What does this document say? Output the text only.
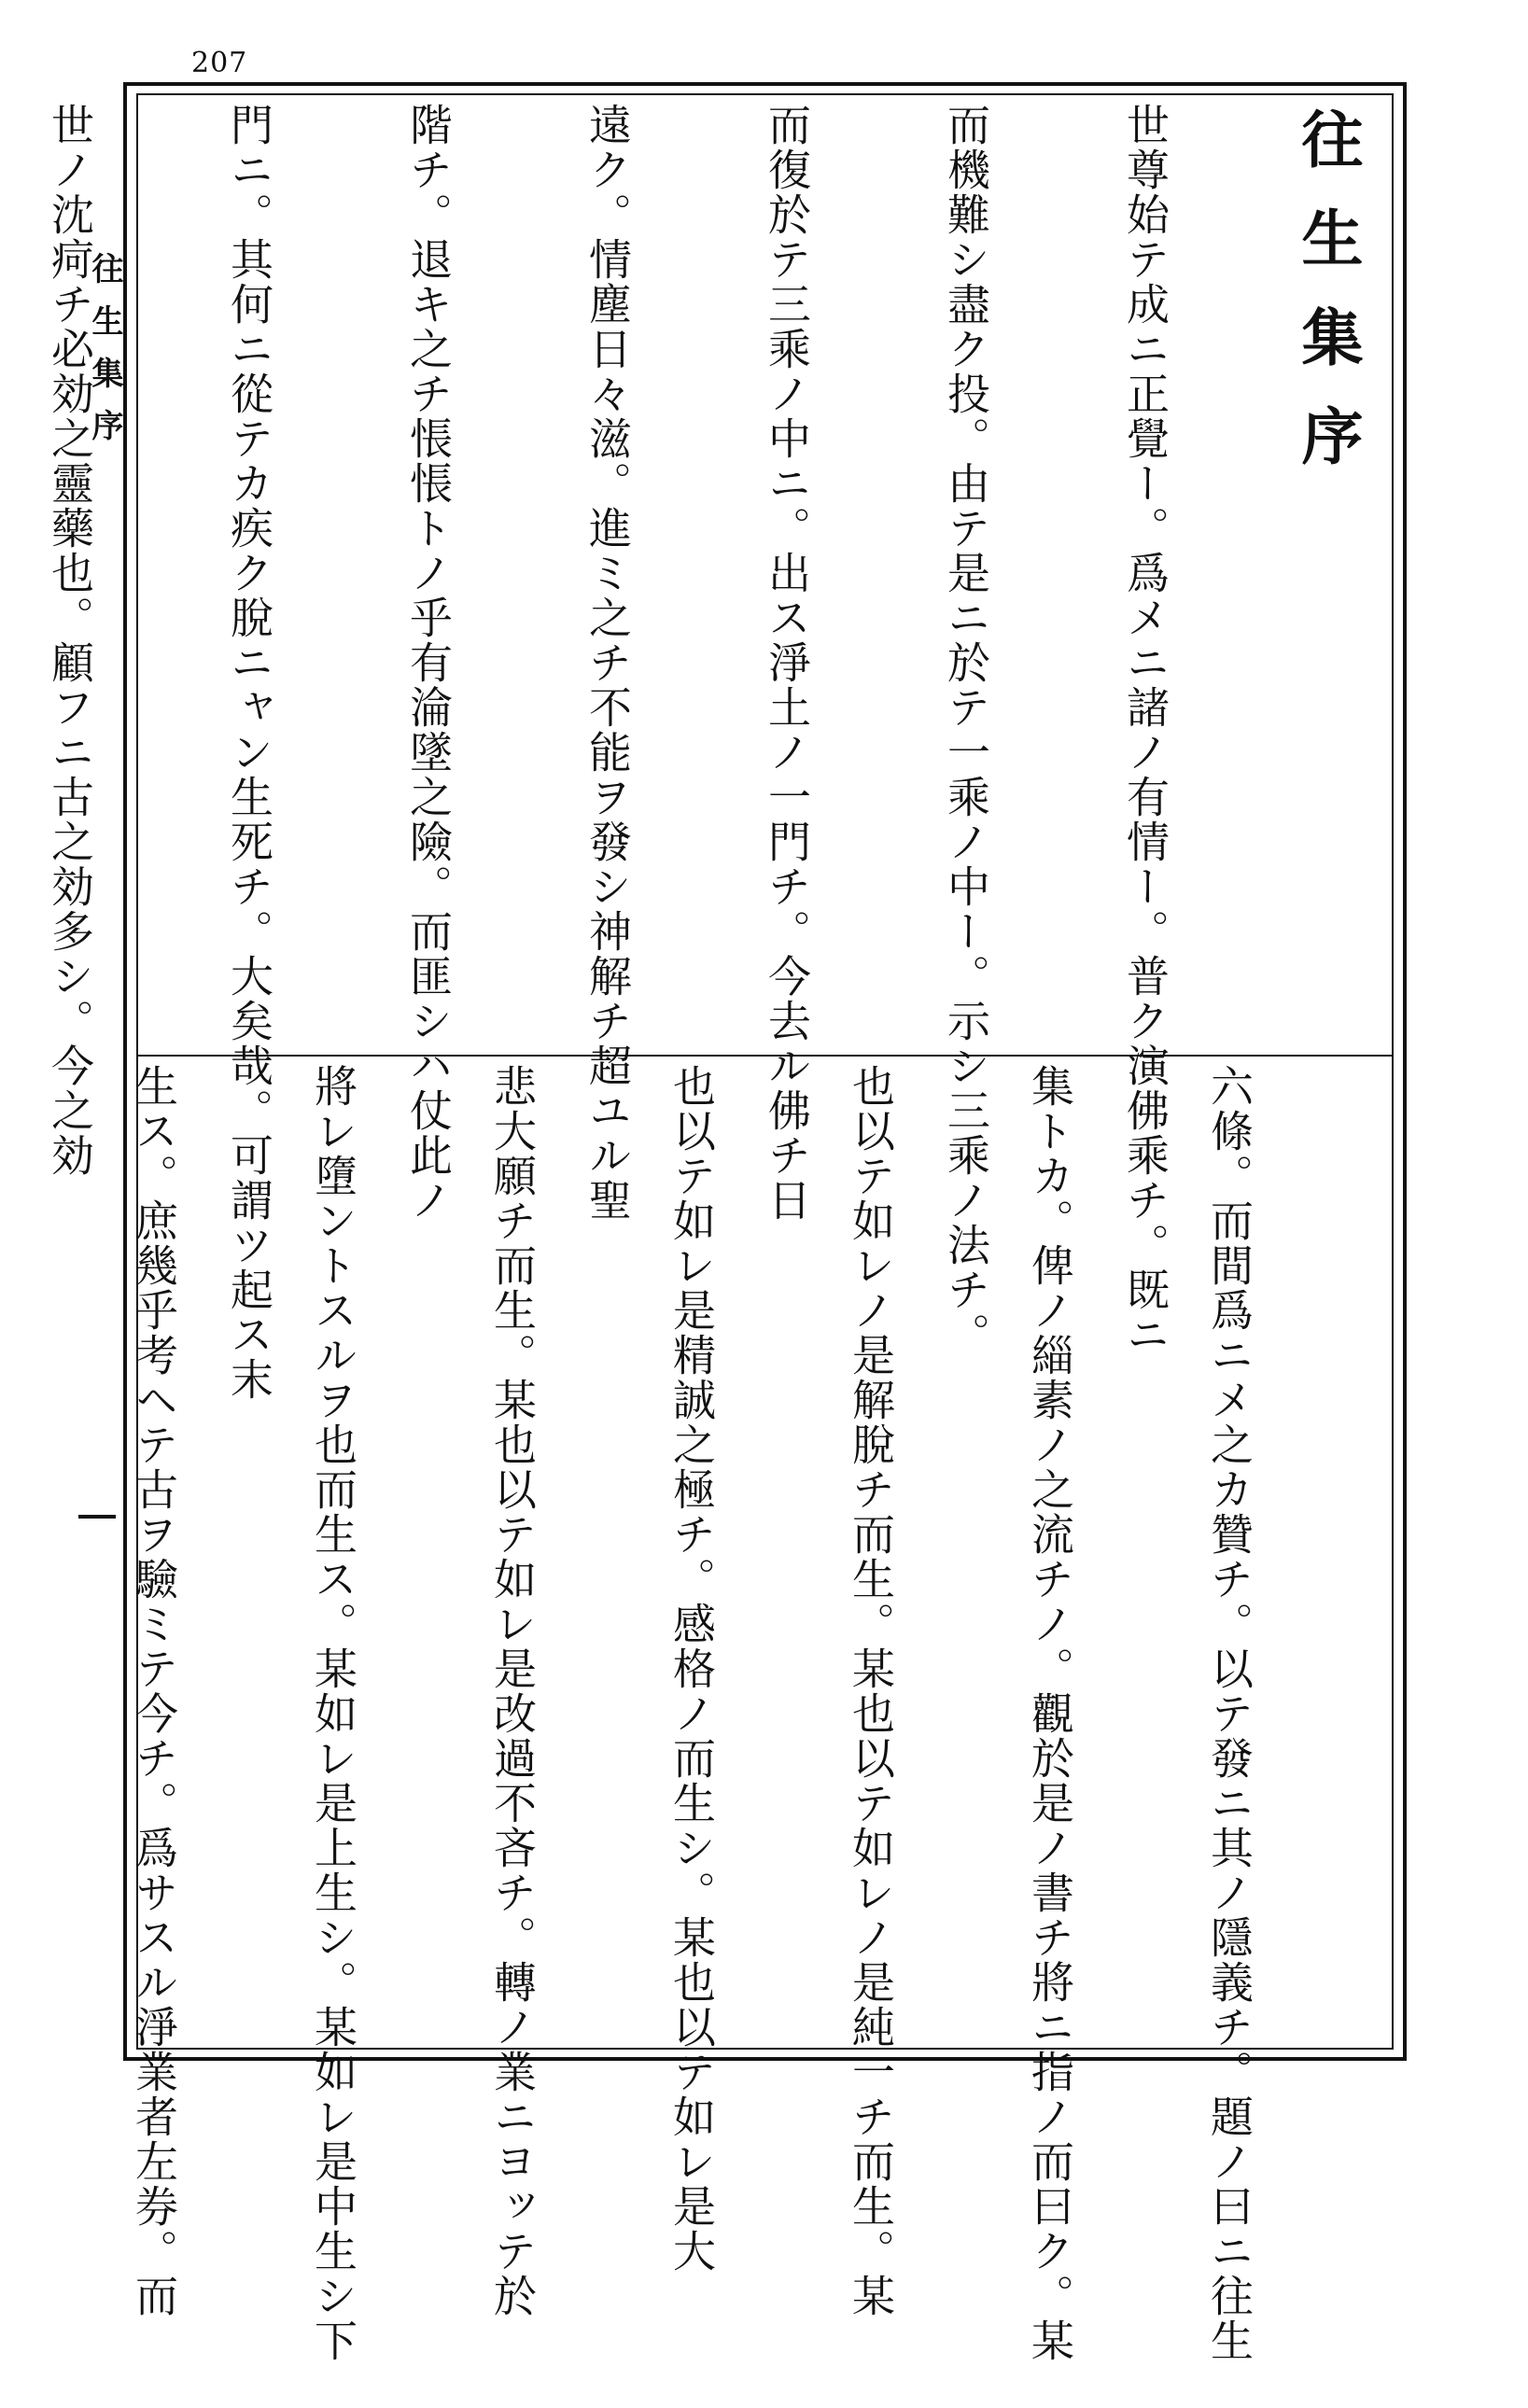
207
往生集序	往生集序

世尊始テ成ニ正覺ー。爲メニ諸ノ有情ー。普ク演佛乘チ。既ニ

而機難シ盡ク投。由テ是ニ於テ一乘ノ中ー。示シ三乘ノ法チ。

而復於テ三乘ノ中ニ。出ス淨土ノ一門チ。今去ル佛チ日

遠ク。情塵日々滋。進ミ之チ不能ヲ發シ神解チ超ユル聖

階チ。退キ之チ悵悵トノ乎有淪墜之險。而匪シハ仗此ノ

門ニ。其何ニ從テカ疾ク脫ニャン生死チ。大矣哉。可謂ツ起ス末

世ノ沈疴チ必効之靈藥也。顧フニ古之効多シ。今之効

六條。而間爲ニメ之カ贊チ。以テ發ニ其ノ隱義チ。題ノ曰ニ往生

集トカ。俾ノ緇素ノ之流チノ。觀於是ノ書チ將ニ指ノ而曰ク。某

也以テ如レノ是解脫チ而生。某也以テ如レノ是純一チ而生。某

也以テ如レ是精誠之極チ。感格ノ而生シ。某也以テ如レ是大

悲大願チ而生。某也以テ如レ是改過不吝チ。轉ノ業ニヨッテ於

將レ墮ントスルヲ也而生ス。某如レ是上生シ。某如レ是中生シ下

生ス。庶幾乎考ヘテ古ヲ驗ミテ今チ。爲サスル淨業者左券。而
